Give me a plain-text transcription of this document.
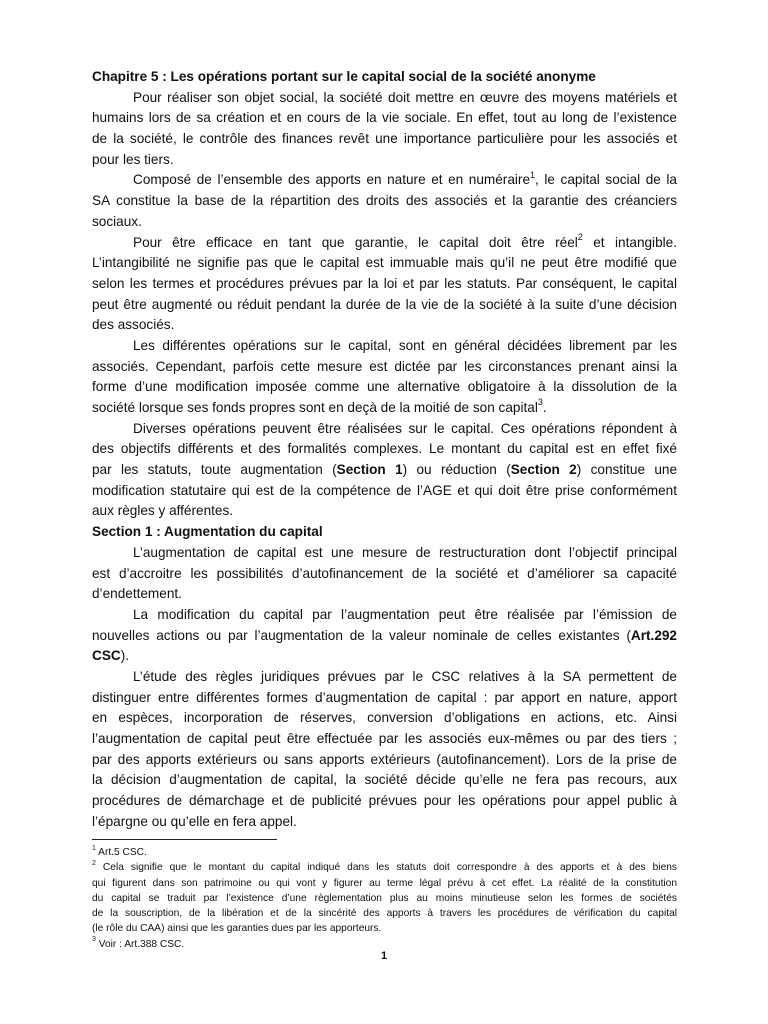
Chapitre 5 : Les opérations portant sur le capital social de la société anonyme
Pour réaliser son objet social, la société doit mettre en œuvre des moyens matériels et
humains lors de sa création et en cours de la vie sociale. En effet, tout au long de l’existence
de la société, le contrôle des finances revêt une importance particulière pour les associés et
pour les tiers.
Composé de l’ensemble des apports en nature et en numéraire$^1$, le capital social de la
SA constitue la base de la répartition des droits des associés et la garantie des créanciers
sociaux.
Pour être efficace en tant que garantie, le capital doit être réel$^2$ et intangible.
L’intangibilité ne signifie pas que le capital est immuable mais qu’il ne peut être modifié que
selon les termes et procédures prévues par la loi et par les statuts. Par conséquent, le capital
peut être augmenté ou réduit pendant la durée de la vie de la société à la suite d’une décision
des associés.
Les différentes opérations sur le capital, sont en général décidées librement par les
associés. Cependant, parfois cette mesure est dictée par les circonstances prenant ainsi la
forme d’une modification imposée comme une alternative obligatoire à la dissolution de la
société lorsque ses fonds propres sont en deçà de la moitié de son capital$^3$.
Diverses opérations peuvent être réalisées sur le capital. Ces opérations répondent à
des objectifs différents et des formalités complexes. Le montant du capital est en effet fixé
par les statuts, toute augmentation (Section 1) ou réduction (Section 2) constitue une
modification statutaire qui est de la compétence de l’AGE et qui doit être prise conformément
aux règles y afférentes.
Section 1 : Augmentation du capital
L’augmentation de capital est une mesure de restructuration dont l’objectif principal
est d’accroitre les possibilités d’autofinancement de la société et d’améliorer sa capacité
d’endettement.
La modification du capital par l’augmentation peut être réalisée par l’émission de
nouvelles actions ou par l’augmentation de la valeur nominale de celles existantes (Art.292
CSC).
L’étude des règles juridiques prévues par le CSC relatives à la SA permettent de
distinguer entre différentes formes d’augmentation de capital : par apport en nature, apport
en espèces, incorporation de réserves, conversion d’obligations en actions, etc. Ainsi
l’augmentation de capital peut être effectuée par les associés eux-mêmes ou par des tiers ;
par des apports extérieurs ou sans apports extérieurs (autofinancement). Lors de la prise de
la décision d’augmentation de capital, la société décide qu’elle ne fera pas recours, aux
procédures de démarchage et de publicité prévues pour les opérations pour appel public à
l’épargne ou qu’elle en fera appel.
$^1$ Art.5 CSC.
$^2$ Cela signifie que le montant du capital indiqué dans les statuts doit correspondre à des apports et à des biens
qui figurent dans son patrimoine ou qui vont y figurer au terme légal prévu à cet effet. La réalité de la constitution
du capital se traduit par l’existence d’une règlementation plus au moins minutieuse selon les formes de sociétés
de la souscription, de la libération et de la sincérité des apports à travers les procédures de vérification du capital
(le rôle du CAA) ainsi que les garanties dues par les apporteurs.
$^3$ Voir : Art.388 CSC.
1
